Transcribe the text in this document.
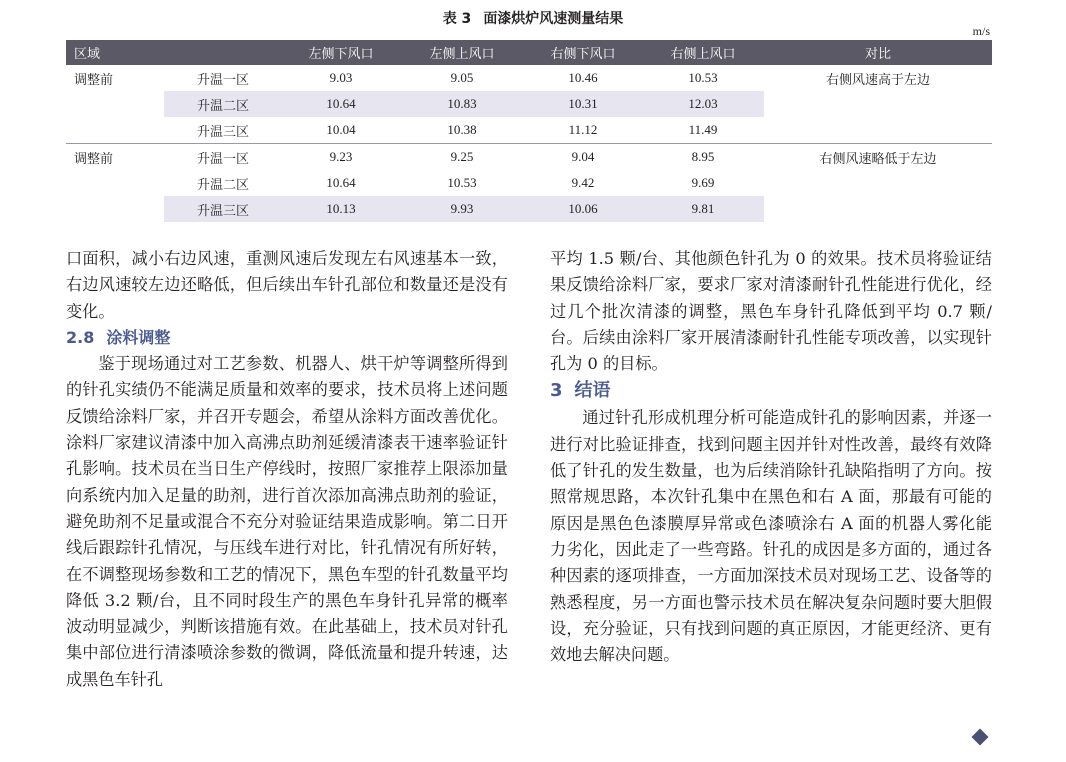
表 3 面漆烘炉风速测量结果
m/s
区域		左侧下风口	左侧上风口	右侧下风口	右侧上风口	对比
调整前	升温一区	9.03	9.05	10.46	10.53	右侧风速高于左边
	升温二区	10.64	10.83	10.31	12.03	
	升温三区	10.04	10.38	11.12	11.49	
调整前	升温一区	9.23	9.25	9.04	8.95	右侧风速略低于左边
	升温二区	10.64	10.53	9.42	9.69	
	升温三区	10.13	9.93	10.06	9.81	

口面积，减小右边风速，重测风速后发现左右风速基本一致，右边风速较左边还略低，但后续出车针孔部位和数量还是没有变化。

2.8 涂料调整

鉴于现场通过对工艺参数、机器人、烘干炉等调整所得到的针孔实绩仍不能满足质量和效率的要求，技术员将上述问题反馈给涂料厂家，并召开专题会，希望从涂料方面改善优化。涂料厂家建议清漆中加入高沸点助剂延缓清漆表干速率验证针孔影响。技术员在当日生产停线时，按照厂家推荐上限添加量向系统内加入足量的助剂，进行首次添加高沸点助剂的验证，避免助剂不足量或混合不充分对验证结果造成影响。第二日开线后跟踪针孔情况，与压线车进行对比，针孔情况有所好转，在不调整现场参数和工艺的情况下，黑色车型的针孔数量平均降低 3.2 颗/台，且不同时段生产的黑色车身针孔异常的概率波动明显减少，判断该措施有效。在此基础上，技术员对针孔集中部位进行清漆喷涂参数的微调，降低流量和提升转速，达成黑色车针孔

平均 1.5 颗/台、其他颜色针孔为 0 的效果。技术员将验证结果反馈给涂料厂家，要求厂家对清漆耐针孔性能进行优化，经过几个批次清漆的调整，黑色车身针孔降低到平均 0.7 颗/台。后续由涂料厂家开展清漆耐针孔性能专项改善，以实现针孔为 0 的目标。

3 结语

通过针孔形成机理分析可能造成针孔的影响因素，并逐一进行对比验证排查，找到问题主因并针对性改善，最终有效降低了针孔的发生数量，也为后续消除针孔缺陷指明了方向。按照常规思路，本次针孔集中在黑色和右 A 面，那最有可能的原因是黑色色漆膜厚异常或色漆喷涂右 A 面的机器人雾化能力劣化，因此走了一些弯路。针孔的成因是多方面的，通过各种因素的逐项排查，一方面加深技术员对现场工艺、设备等的熟悉程度，另一方面也警示技术员在解决复杂问题时要大胆假设，充分验证，只有找到问题的真正原因，才能更经济、更有效地去解决问题。
